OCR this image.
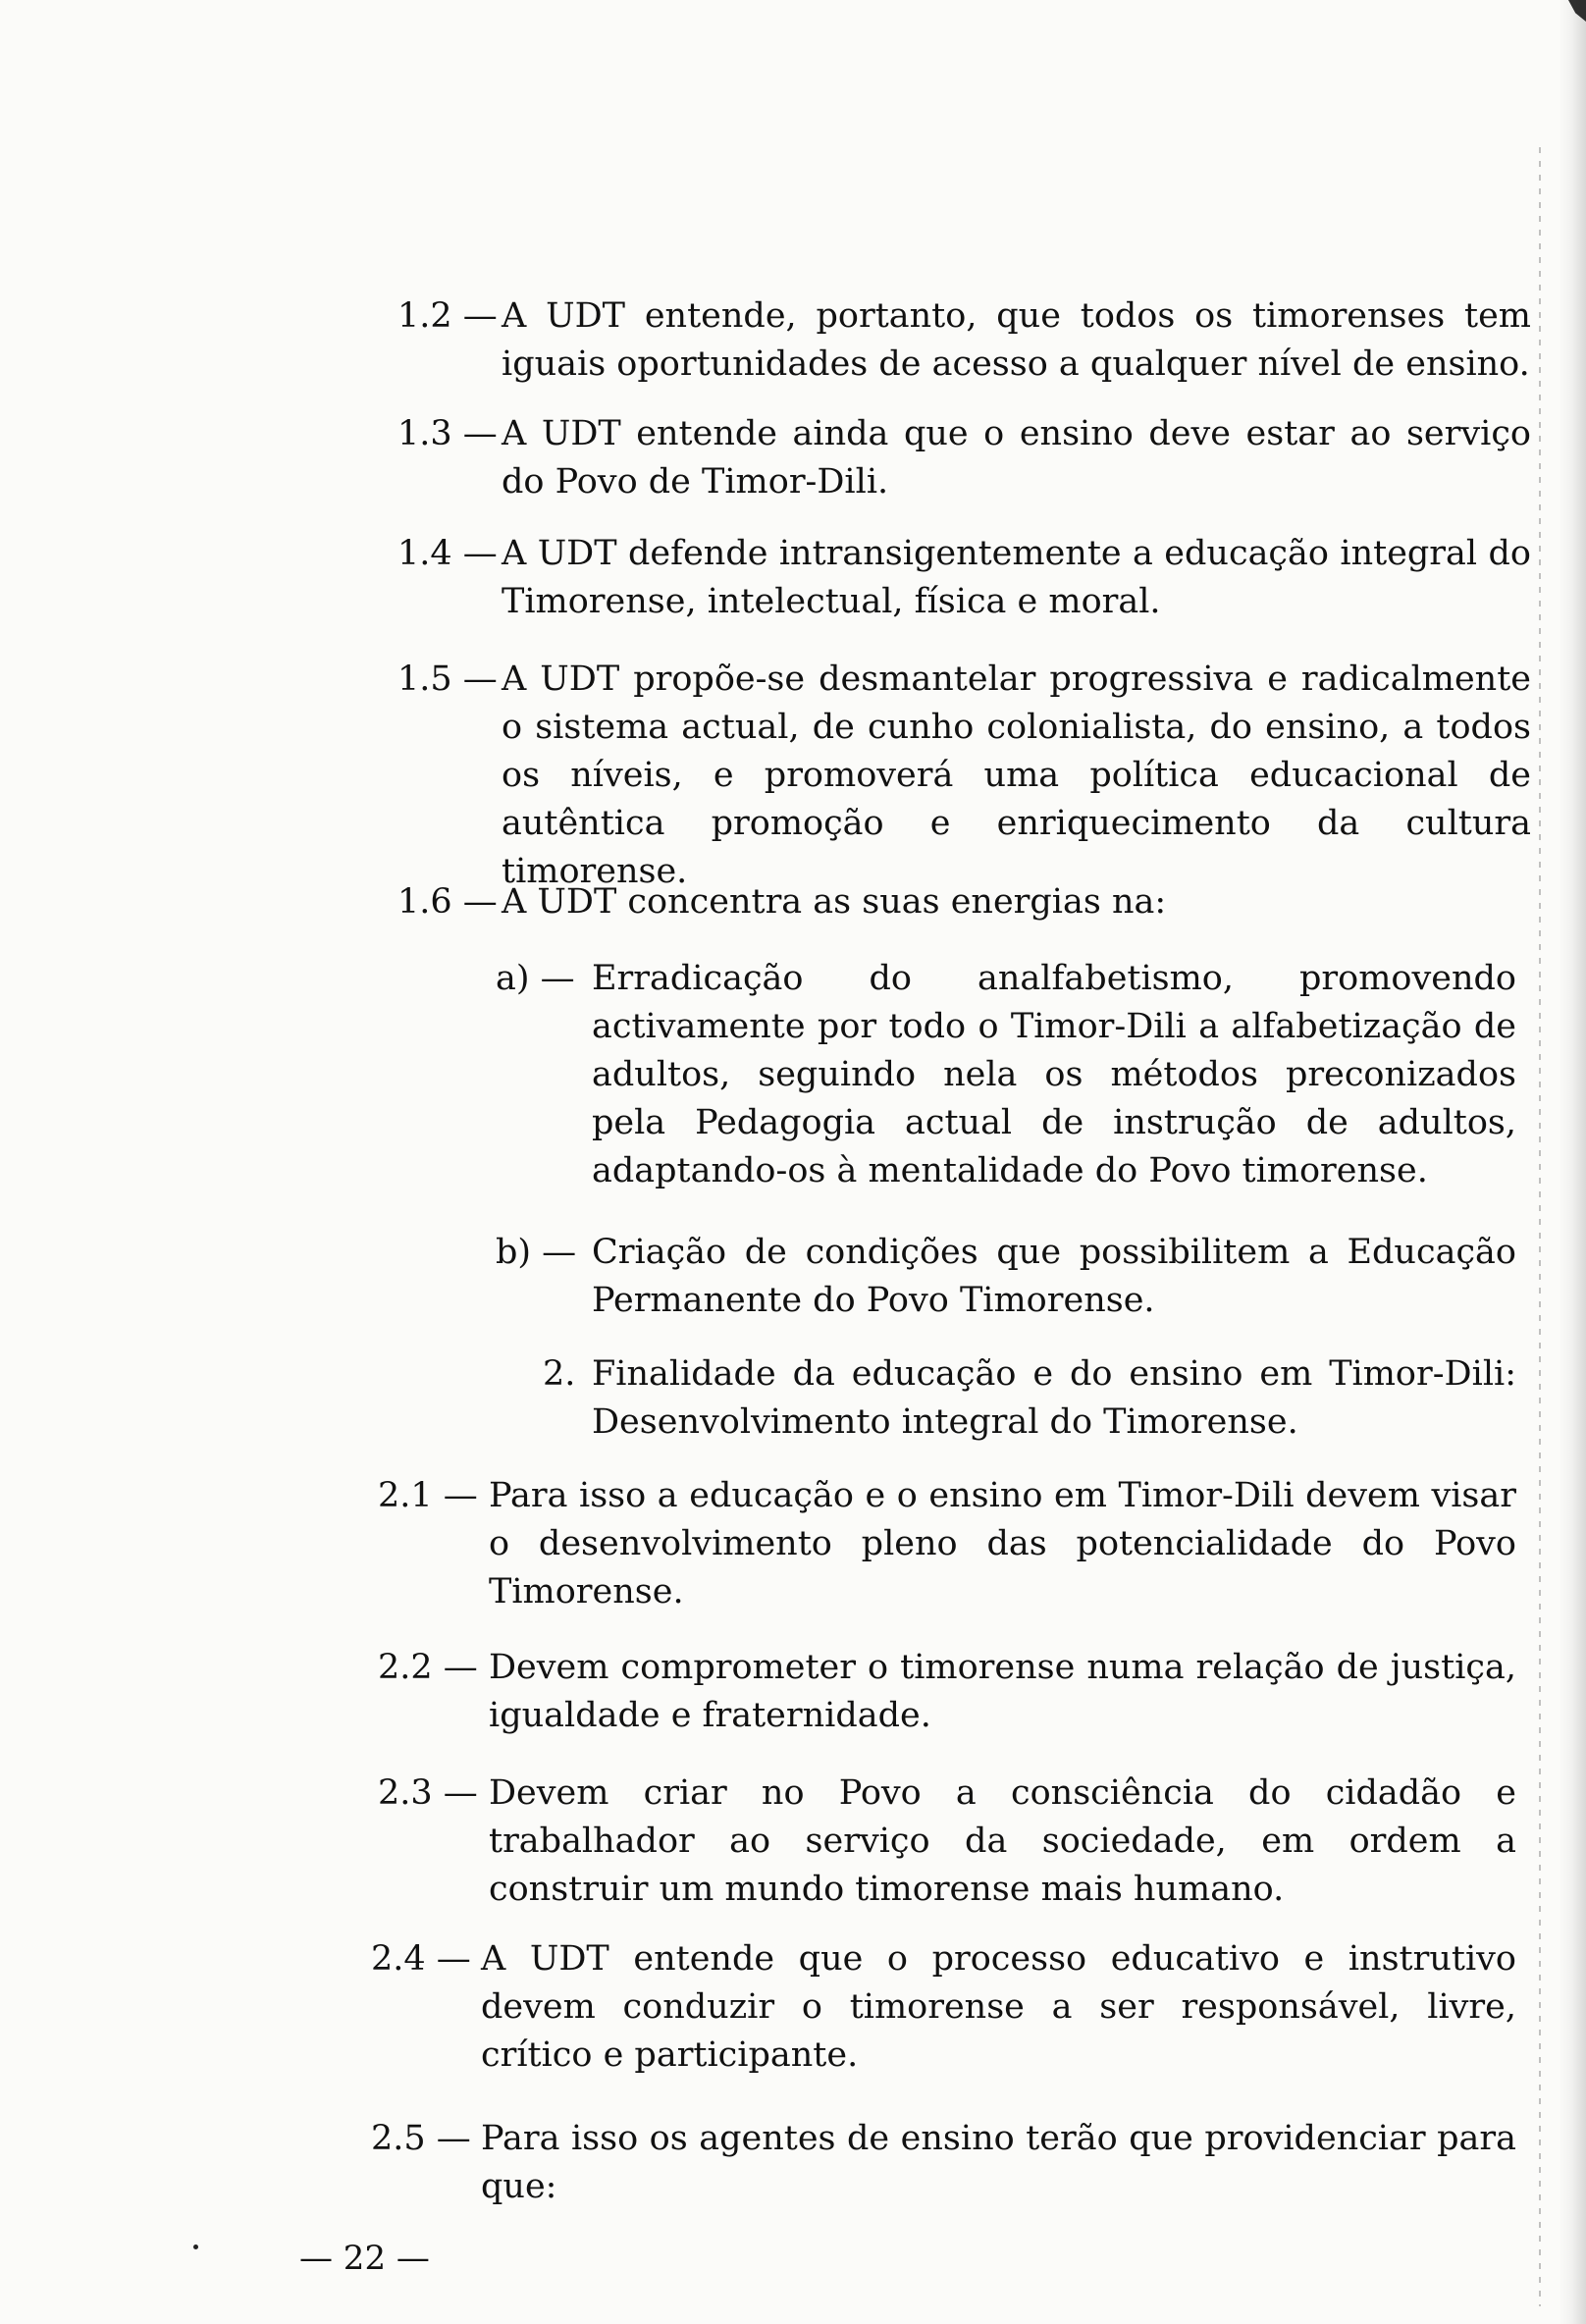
1.2 — A UDT entende, portanto, que todos os timorenses tem iguais oportunidades de acesso a qualquer nível de ensino.
1.3 — A UDT entende ainda que o ensino deve estar ao serviço do Povo de Timor-Dili.
1.4 — A UDT defende intransigentemente a educação integral do Timorense, intelectual, física e moral.
1.5 — A UDT propõe-se desmantelar progressiva e radicalmente o sistema actual, de cunho colonialista, do ensino, a todos os níveis, e promoverá uma política educacional de autêntica promoção e enriquecimento da cultura timorense.
1.6 — A UDT concentra as suas energias na:
a) — Erradicação do analfabetismo, promovendo activamente por todo o Timor-Dili a alfabetização de adultos, seguindo nela os métodos preconizados pela Pedagogia actual de instrução de adultos, adaptando-os à mentalidade do Povo timorense.
b) — Criação de condições que possibilitem a Educação Permanente do Povo Timorense.
2. Finalidade da educação e do ensino em Timor-Dili: Desenvolvimento integral do Timorense.
2.1 — Para isso a educação e o ensino em Timor-Dili devem visar o desenvolvimento pleno das potencialidade do Povo Timorense.
2.2 — Devem comprometer o timorense numa relação de justiça, igualdade e fraternidade.
2.3 — Devem criar no Povo a consciência do cidadão e trabalhador ao serviço da sociedade, em ordem a construir um mundo timorense mais humano.
2.4 — A UDT entende que o processo educativo e instrutivo devem conduzir o timorense a ser responsável, livre, crítico e participante.
2.5 — Para isso os agentes de ensino terão que providenciar para que:
— 22 —
